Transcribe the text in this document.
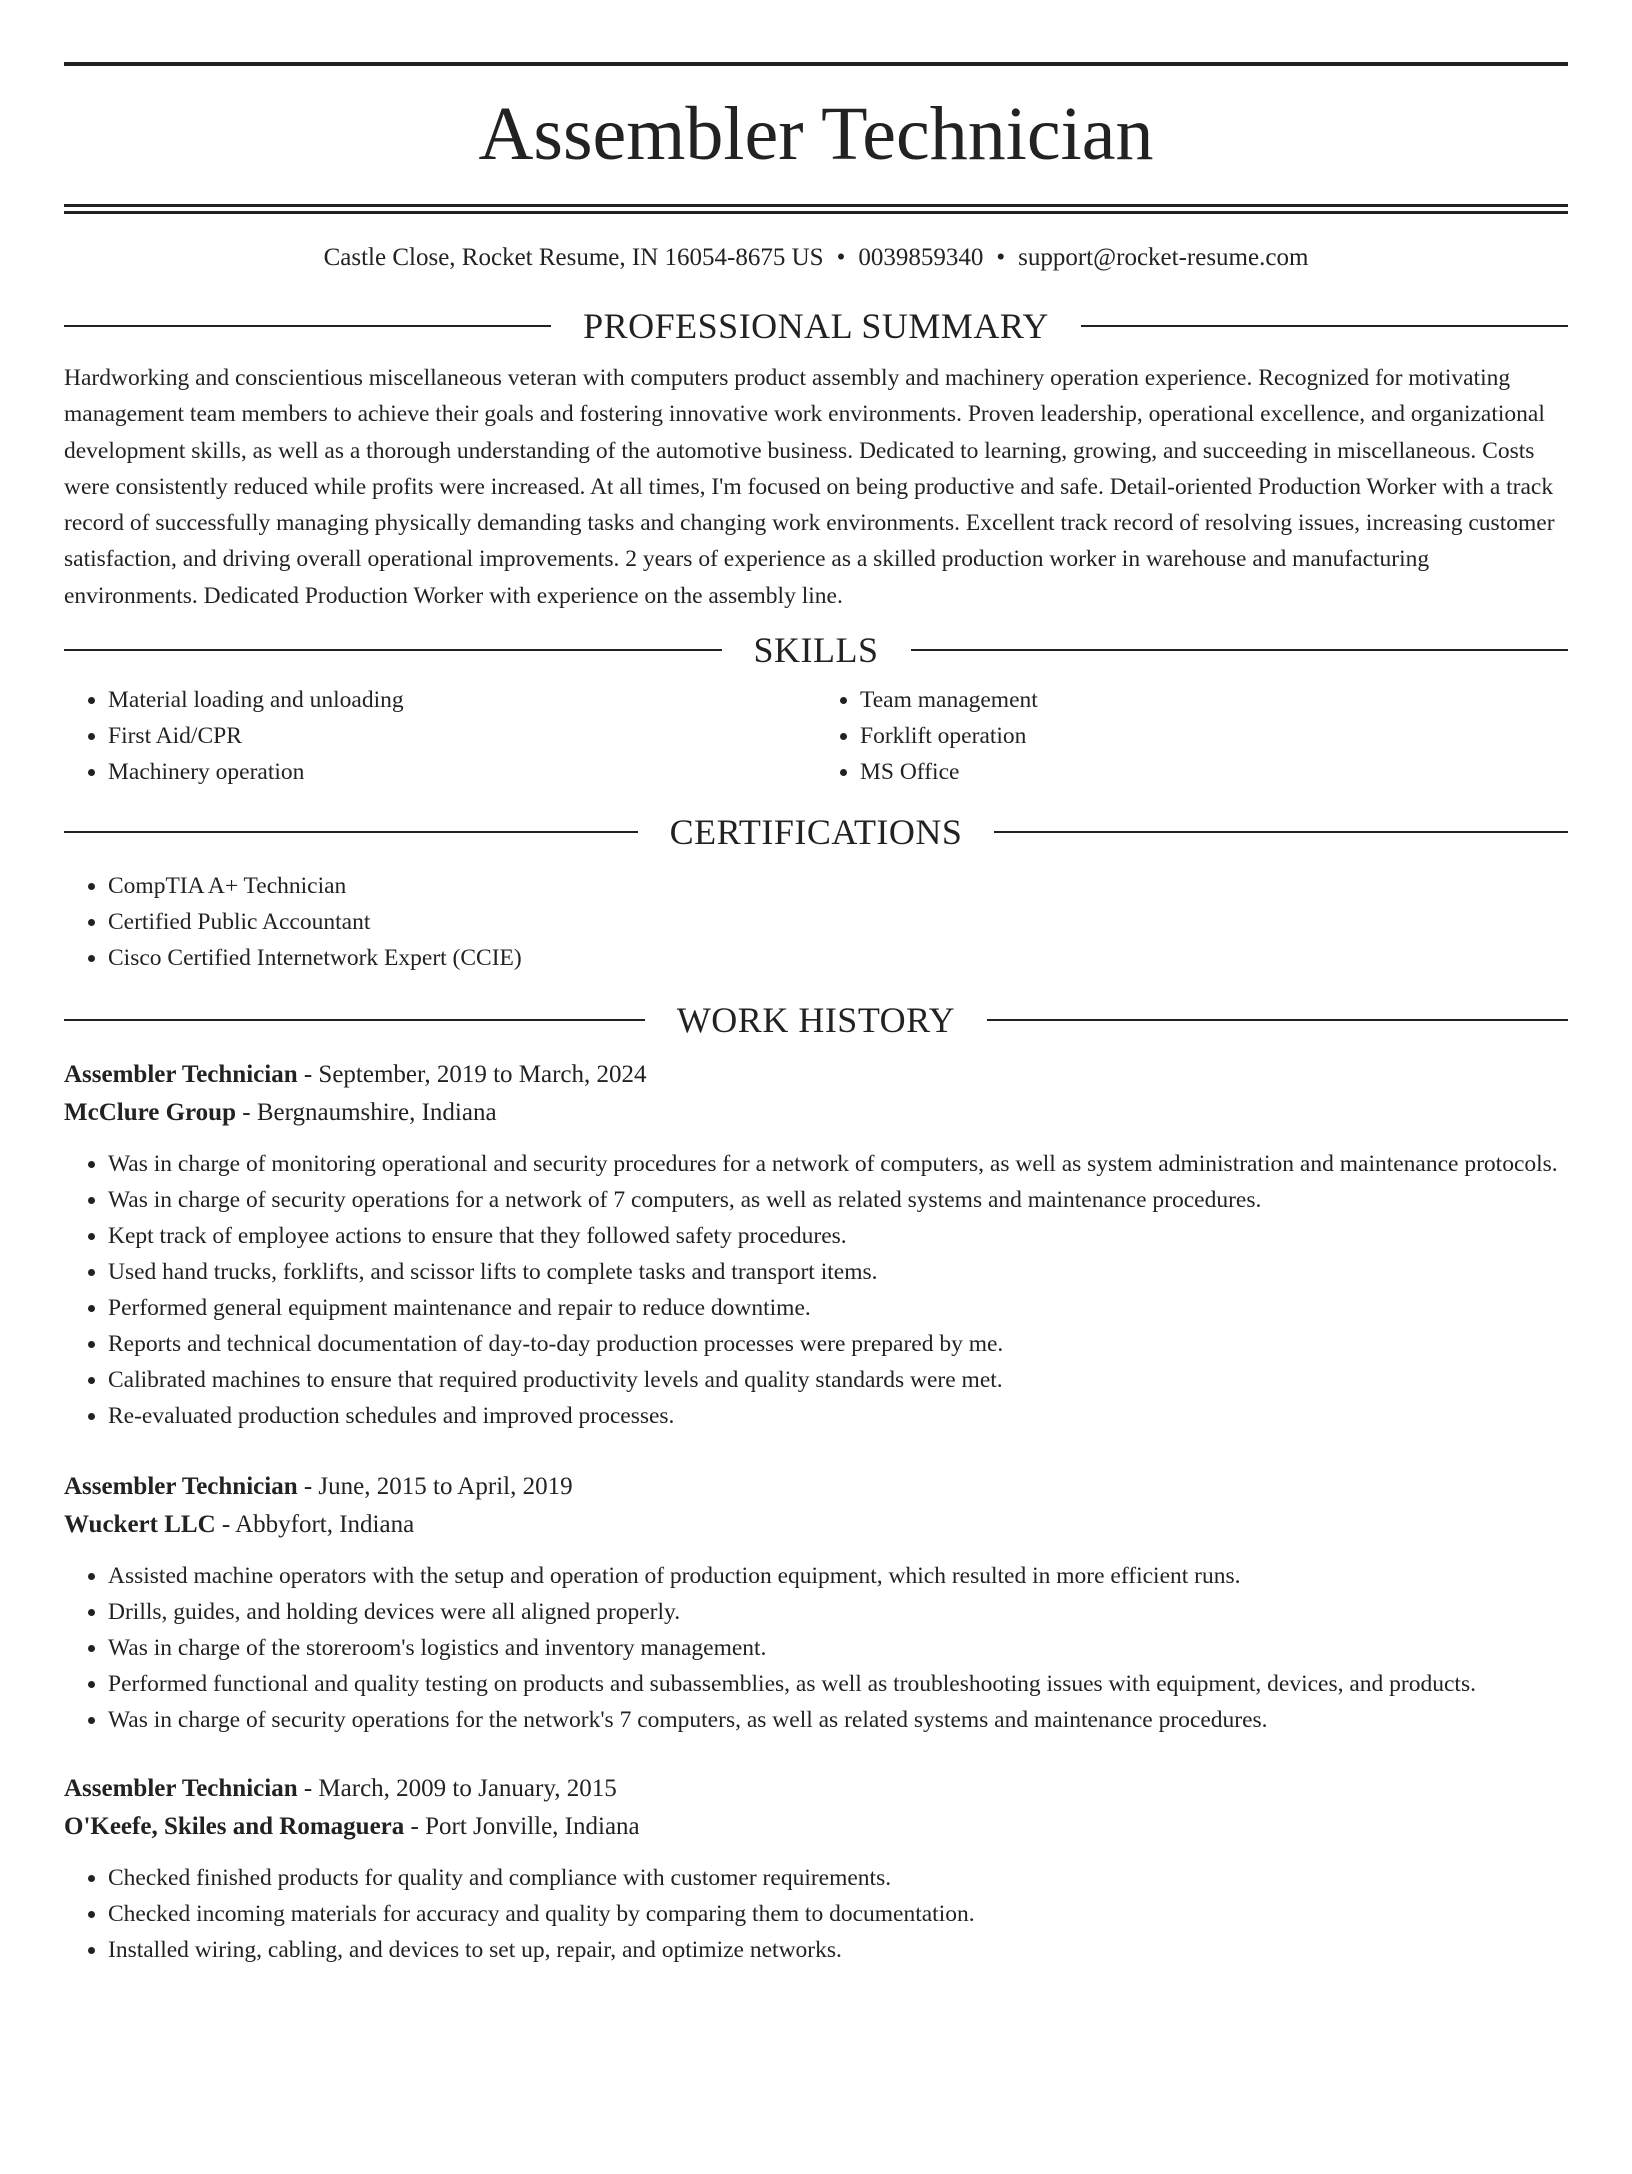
Assembler Technician
Castle Close, Rocket Resume, IN 16054-8675 US • 0039859340 • support@rocket-resume.com
PROFESSIONAL SUMMARY

Hardworking and conscientious miscellaneous veteran with computers product assembly and machinery operation experience. Recognized for motivating management team members to achieve their goals and fostering innovative work environments. Proven leadership, operational excellence, and organizational development skills, as well as a thorough understanding of the automotive business. Dedicated to learning, growing, and succeeding in miscellaneous. Costs were consistently reduced while profits were increased. At all times, I'm focused on being productive and safe. Detail-oriented Production Worker with a track record of successfully managing physically demanding tasks and changing work environments. Excellent track record of resolving issues, increasing customer satisfaction, and driving overall operational improvements. 2 years of experience as a skilled production worker in warehouse and manufacturing environments. Dedicated Production Worker with experience on the assembly line.

SKILLS
• Material loading and unloading
• First Aid/CPR
• Machinery operation
• Team management
• Forklift operation
• MS Office
CERTIFICATIONS
• CompTIA A+ Technician
• Certified Public Accountant
• Cisco Certified Internetwork Expert (CCIE)
WORK HISTORY
Assembler Technician - September, 2019 to March, 2024
McClure Group - Bergnaumshire, Indiana
• Was in charge of monitoring operational and security procedures for a network of computers, as well as system administration and maintenance protocols.
• Was in charge of security operations for a network of 7 computers, as well as related systems and maintenance procedures.
• Kept track of employee actions to ensure that they followed safety procedures.
• Used hand trucks, forklifts, and scissor lifts to complete tasks and transport items.
• Performed general equipment maintenance and repair to reduce downtime.
• Reports and technical documentation of day-to-day production processes were prepared by me.
• Calibrated machines to ensure that required productivity levels and quality standards were met.
• Re-evaluated production schedules and improved processes.
Assembler Technician - June, 2015 to April, 2019
Wuckert LLC - Abbyfort, Indiana
• Assisted machine operators with the setup and operation of production equipment, which resulted in more efficient runs.
• Drills, guides, and holding devices were all aligned properly.
• Was in charge of the storeroom's logistics and inventory management.
• Performed functional and quality testing on products and subassemblies, as well as troubleshooting issues with equipment, devices, and products.
• Was in charge of security operations for the network's 7 computers, as well as related systems and maintenance procedures.
Assembler Technician - March, 2009 to January, 2015
O'Keefe, Skiles and Romaguera - Port Jonville, Indiana
• Checked finished products for quality and compliance with customer requirements.
• Checked incoming materials for accuracy and quality by comparing them to documentation.
• Installed wiring, cabling, and devices to set up, repair, and optimize networks.
